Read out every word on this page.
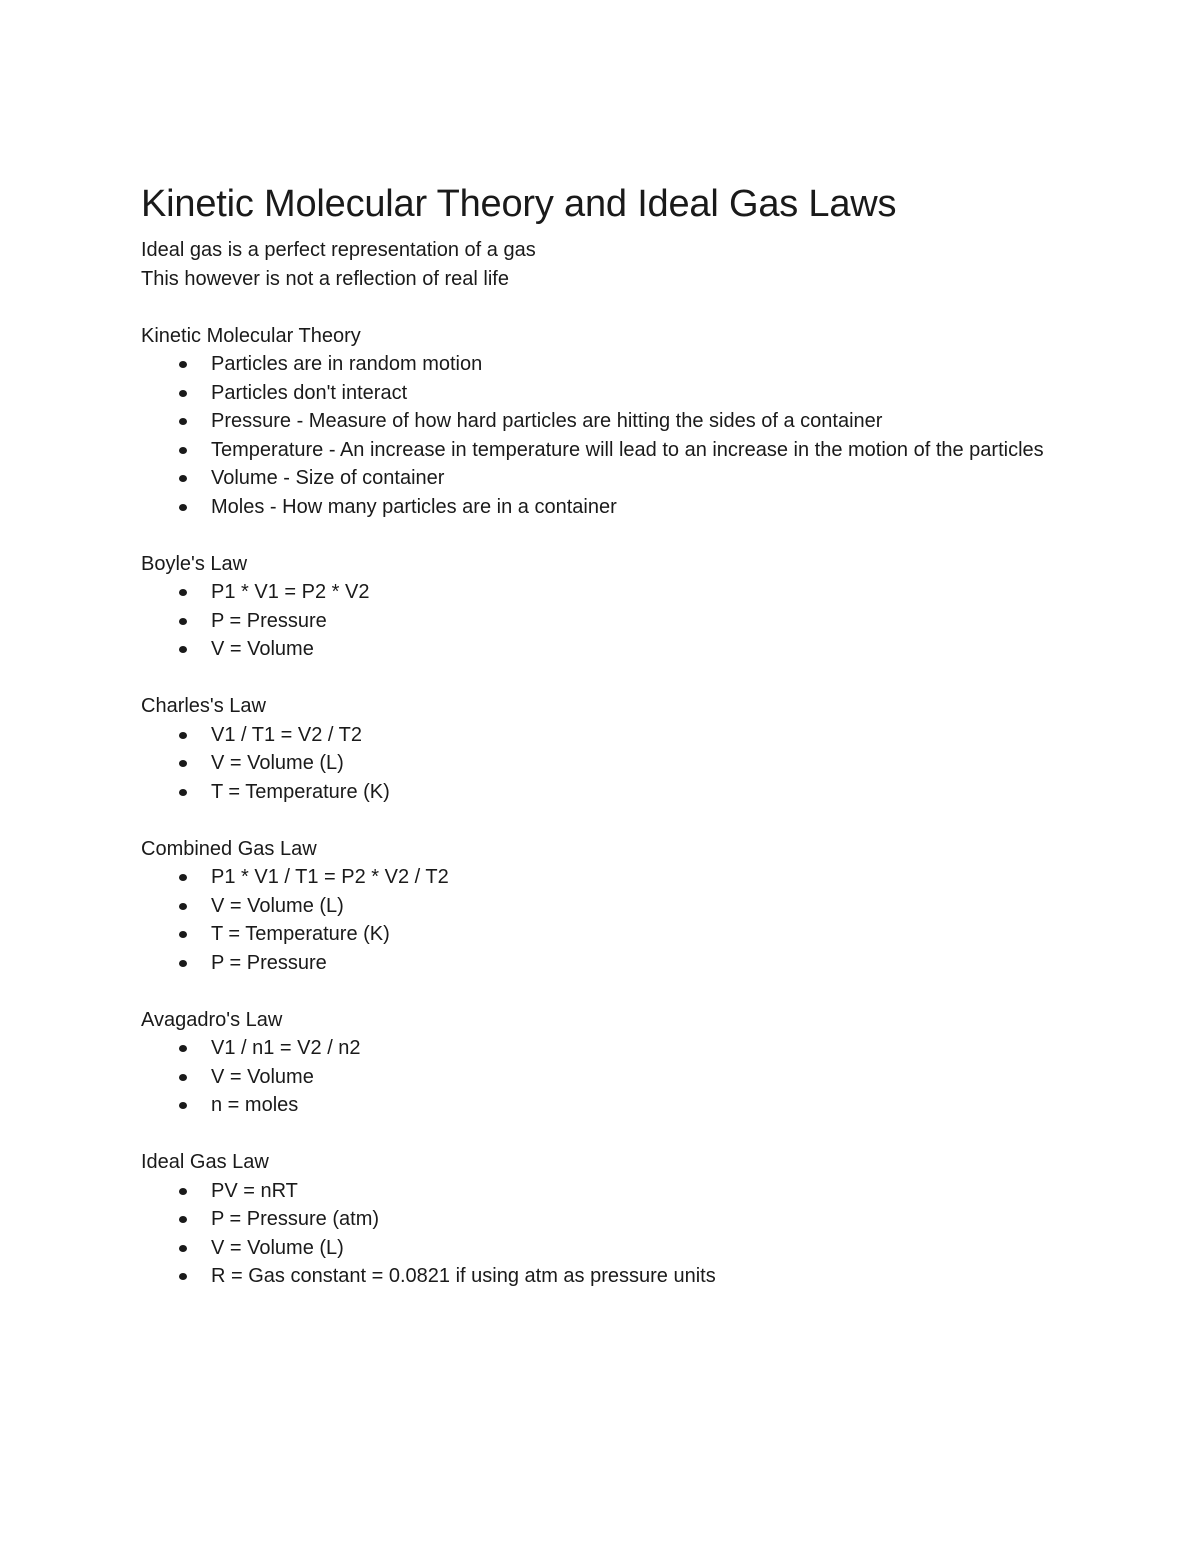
Kinetic Molecular Theory and Ideal Gas Laws

Ideal gas is a perfect representation of a gas

This however is not a reflection of real life

Kinetic Molecular Theory

Particles are in random motion
Particles don't interact
Pressure - Measure of how hard particles are hitting the sides of a container
Temperature - An increase in temperature will lead to an increase in the motion of the particles
Volume - Size of container
Moles - How many particles are in a container

Boyle's Law

P1 * V1 = P2 * V2
P = Pressure
V = Volume

Charles's Law

V1 / T1 = V2 / T2
V = Volume (L)
T = Temperature (K)

Combined Gas Law

P1 * V1 / T1 = P2 * V2 / T2
V = Volume (L)
T = Temperature (K)
P = Pressure

Avagadro's Law

V1 / n1 = V2 / n2
V = Volume
n = moles

Ideal Gas Law

PV = nRT
P = Pressure (atm)
V = Volume (L)
R = Gas constant = 0.0821 if using atm as pressure units
